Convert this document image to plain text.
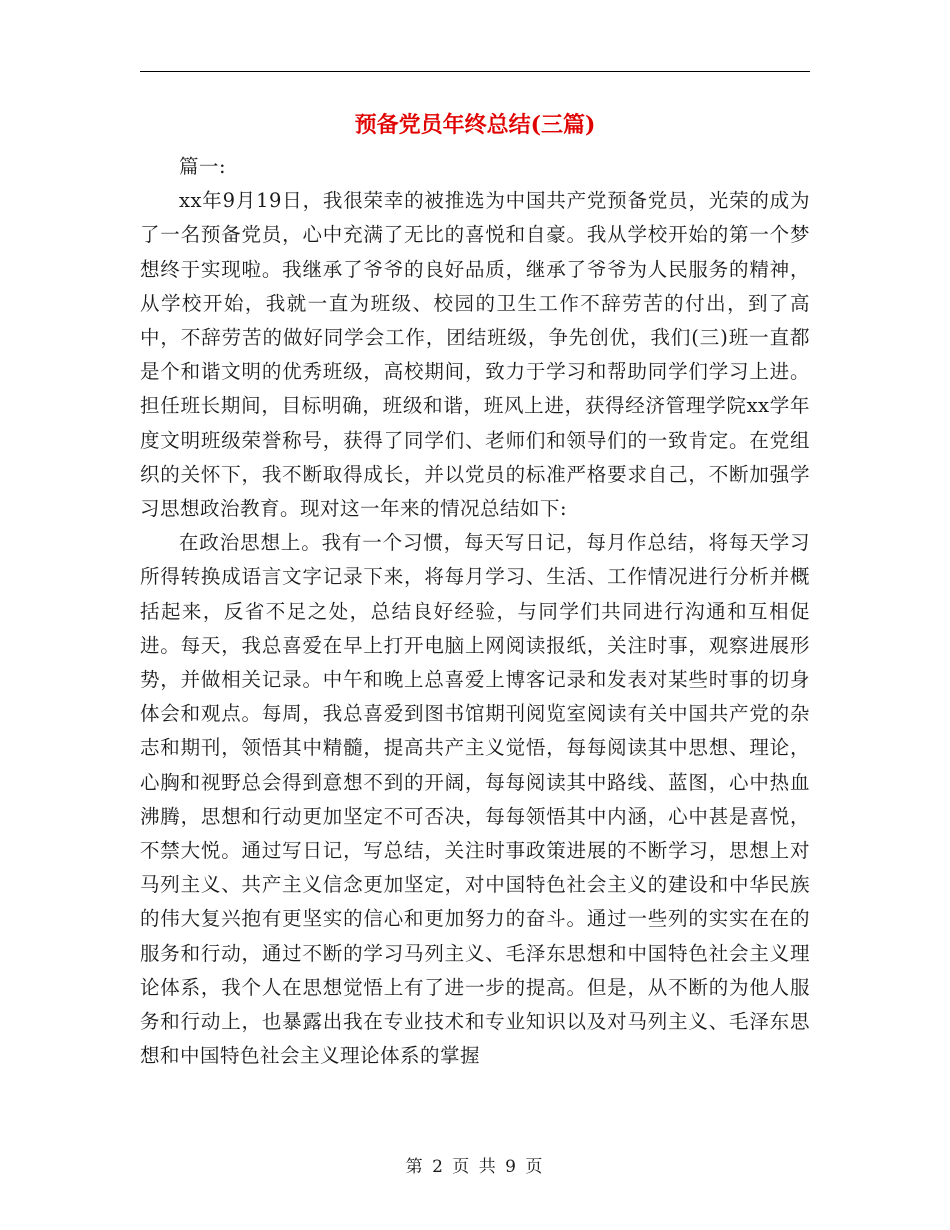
预备党员年终总结(三篇)

篇一:

xx年9月19日，我很荣幸的被推选为中国共产党预备党员，光荣的成为了一名预备党员，心中充满了无比的喜悦和自豪。我从学校开始的第一个梦想终于实现啦。我继承了爷爷的良好品质，继承了爷爷为人民服务的精神，从学校开始，我就一直为班级、校园的卫生工作不辞劳苦的付出，到了高中，不辞劳苦的做好同学会工作，团结班级，争先创优，我们(三)班一直都是个和谐文明的优秀班级，高校期间，致力于学习和帮助同学们学习上进。担任班长期间，目标明确，班级和谐，班风上进，获得经济管理学院xx学年度文明班级荣誉称号，获得了同学们、老师们和领导们的一致肯定。在党组织的关怀下，我不断取得成长，并以党员的标准严格要求自己，不断加强学习思想政治教育。现对这一年来的情况总结如下:

在政治思想上。我有一个习惯，每天写日记，每月作总结，将每天学习所得转换成语言文字记录下来，将每月学习、生活、工作情况进行分析并概括起来，反省不足之处，总结良好经验，与同学们共同进行沟通和互相促进。每天，我总喜爱在早上打开电脑上网阅读报纸，关注时事，观察进展形势，并做相关记录。中午和晚上总喜爱上博客记录和发表对某些时事的切身体会和观点。每周，我总喜爱到图书馆期刊阅览室阅读有关中国共产党的杂志和期刊，领悟其中精髓，提高共产主义觉悟，每每阅读其中思想、理论，心胸和视野总会得到意想不到的开阔，每每阅读其中路线、蓝图，心中热血沸腾，思想和行动更加坚定不可否决，每每领悟其中内涵，心中甚是喜悦，不禁大悦。通过写日记，写总结，关注时事政策进展的不断学习，思想上对马列主义、共产主义信念更加坚定，对中国特色社会主义的建设和中华民族的伟大复兴抱有更坚实的信心和更加努力的奋斗。通过一些列的实实在在的服务和行动，通过不断的学习马列主义、毛泽东思想和中国特色社会主义理论体系，我个人在思想觉悟上有了进一步的提高。但是，从不断的为他人服务和行动上，也暴露出我在专业技术和专业知识以及对马列主义、毛泽东思想和中国特色社会主义理论体系的掌握

第 2 页 共 9 页
